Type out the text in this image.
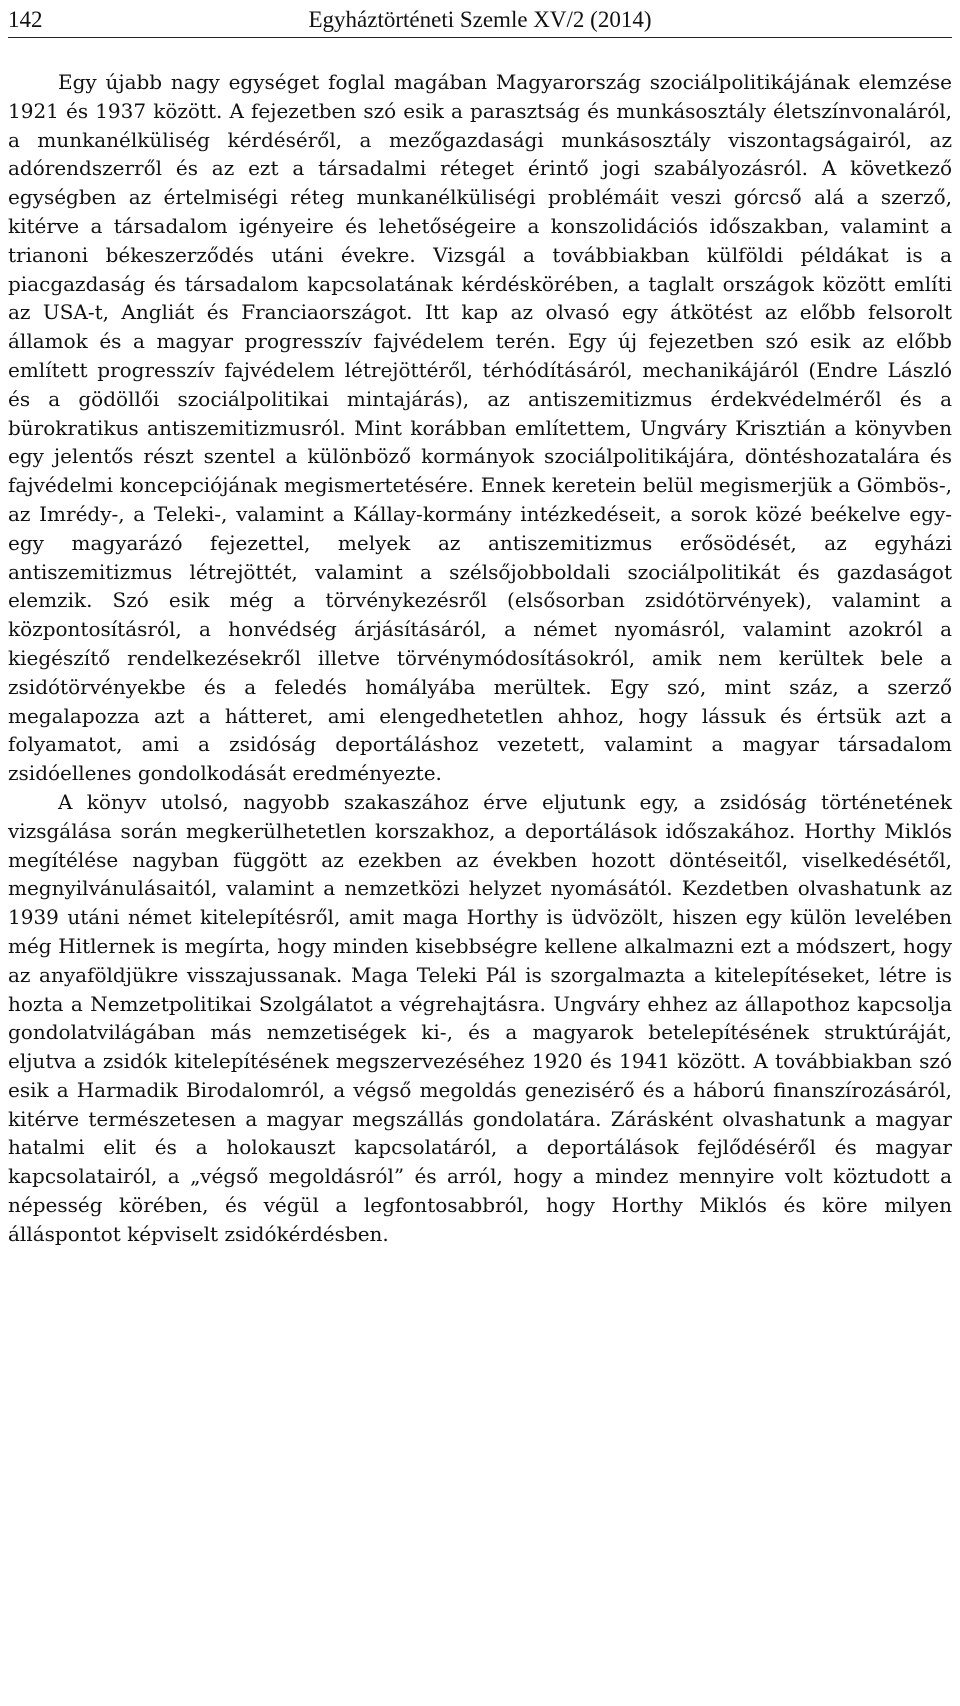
142	Egyháztörténeti Szemle XV/2 (2014)

Egy újabb nagy egységet foglal magában Magyarország szociálpolitikájának elemzése 1921 és 1937 között. A fejezetben szó esik a parasztság és munkásosztály életszínvonaláról, a munkanélküliség kérdéséről, a mezőgazdasági munkásosztály viszontagságairól, az adórendszerről és az ezt a társadalmi réteget érintő jogi szabályozásról. A következő egységben az értelmiségi réteg munkanélküliségi problémáit veszi górcső alá a szerző, kitérve a társadalom igényeire és lehetőségeire a konszolidációs időszakban, valamint a trianoni békeszerződés utáni évekre. Vizsgál a továbbiakban külföldi példákat is a piacgazdaság és társadalom kapcsolatának kérdéskörében, a taglalt országok között említi az USA-t, Angliát és Franciaországot. Itt kap az olvasó egy átkötést az előbb felsorolt államok és a magyar progresszív fajvédelem terén. Egy új fejezetben szó esik az előbb említett progresszív fajvédelem létrejöttéről, térhódításáról, mechanikájáról (Endre László és a gödöllői szociálpolitikai mintajárás), az antiszemitizmus érdekvédelméről és a bürokratikus antiszemitizmusról. Mint korábban említettem, Ungváry Krisztián a könyvben egy jelentős részt szentel a különböző kormányok szociálpolitikájára, döntéshozatalára és fajvédelmi koncepciójának megismertetésére. Ennek keretein belül megismerjük a Gömbös-, az Imrédy-, a Teleki-, valamint a Kállay-kormány intézkedéseit, a sorok közé beékelve egy-egy magyarázó fejezettel, melyek az antiszemitizmus erősödését, az egyházi antiszemitizmus létrejöttét, valamint a szélsőjobboldali szociálpolitikát és gazdaságot elemzik. Szó esik még a törvénykezésről (elsősorban zsidótörvények), valamint a központosításról, a honvédség árjásításáról, a német nyomásról, valamint azokról a kiegészítő rendelkezésekről illetve törvénymódosításokról, amik nem kerültek bele a zsidótörvényekbe és a feledés homályába merültek. Egy szó, mint száz, a szerző megalapozza azt a hátteret, ami elengedhetetlen ahhoz, hogy lássuk és értsük azt a folyamatot, ami a zsidóság deportáláshoz vezetett, valamint a magyar társadalom zsidóellenes gondolkodását eredményezte.

A könyv utolsó, nagyobb szakaszához érve eljutunk egy, a zsidóság történetének vizsgálása során megkerülhetetlen korszakhoz, a deportálások időszakához. Horthy Miklós megítélése nagyban függött az ezekben az években hozott döntéseitől, viselkedésétől, megnyilvánulásaitól, valamint a nemzetközi helyzet nyomásától. Kezdetben olvashatunk az 1939 utáni német kitelepítésről, amit maga Horthy is üdvözölt, hiszen egy külön levelében még Hitlernek is megírta, hogy minden kisebbségre kellene alkalmazni ezt a módszert, hogy az anyaföldjükre visszajussanak. Maga Teleki Pál is szorgalmazta a kitelepítéseket, létre is hozta a Nemzetpolitikai Szolgálatot a végrehajtásra. Ungváry ehhez az állapothoz kapcsolja gondolatvilágában más nemzetiségek ki-, és a magyarok betelepítésének struktúráját, eljutva a zsidók kitelepítésének megszervezéséhez 1920 és 1941 között. A továbbiakban szó esik a Harmadik Birodalomról, a végső megoldás genezisérő és a háború finanszírozásáról, kitérve természetesen a magyar megszállás gondolatára. Zárásként olvashatunk a magyar hatalmi elit és a holokauszt kapcsolatáról, a deportálások fejlődéséről és magyar kapcsolatairól, a „végső megoldásról” és arról, hogy a mindez mennyire volt köztudott a népesség körében, és végül a legfontosabbról, hogy Horthy Miklós és köre milyen álláspontot képviselt zsidókérdésben.
